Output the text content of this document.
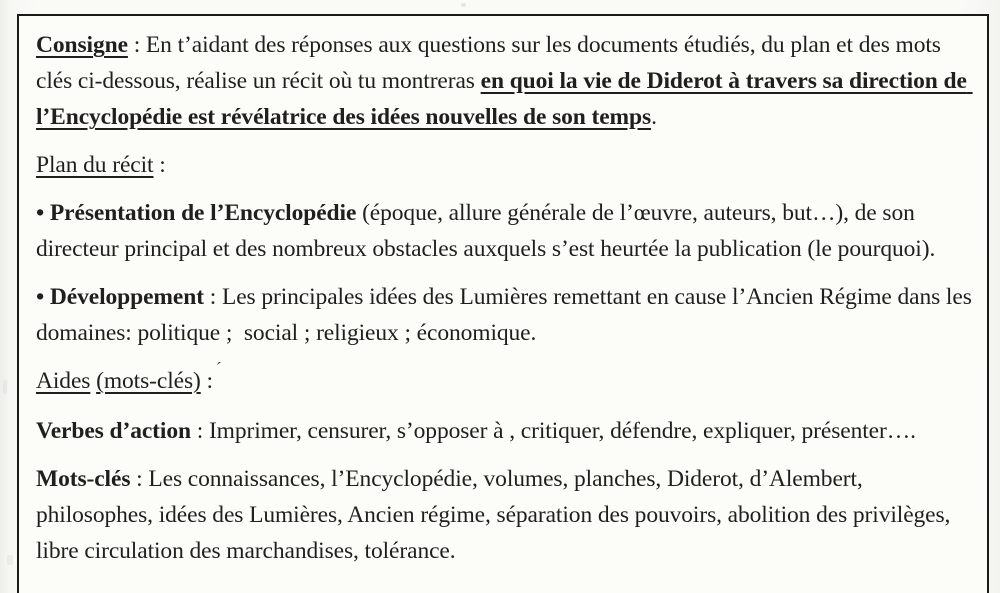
Consigne : En t’aidant des réponses aux questions sur les documents étudiés, du plan et des mots clés ci-dessous, réalise un récit où tu montreras en quoi la vie de Diderot à travers sa direction de l’Encyclopédie est révélatrice des idées nouvelles de son temps.

Plan du récit :

• Présentation de l’Encyclopédie (époque, allure générale de l’œuvre, auteurs, but…), de son directeur principal et des nombreux obstacles auxquels s’est heurtée la publication (le pourquoi).

• Développement : Les principales idées des Lumières remettant en cause l’Ancien Régime dans les domaines: politique ;  social ; religieux ; économique.

Aides (mots-clés) : ´

Verbes d’action : Imprimer, censurer, s’opposer à , critiquer, défendre, expliquer, présenter….

Mots-clés : Les connaissances, l’Encyclopédie, volumes, planches, Diderot, d’Alembert, philosophes, idées des Lumières, Ancien régime, séparation des pouvoirs, abolition des privilèges, libre circulation des marchandises, tolérance.
